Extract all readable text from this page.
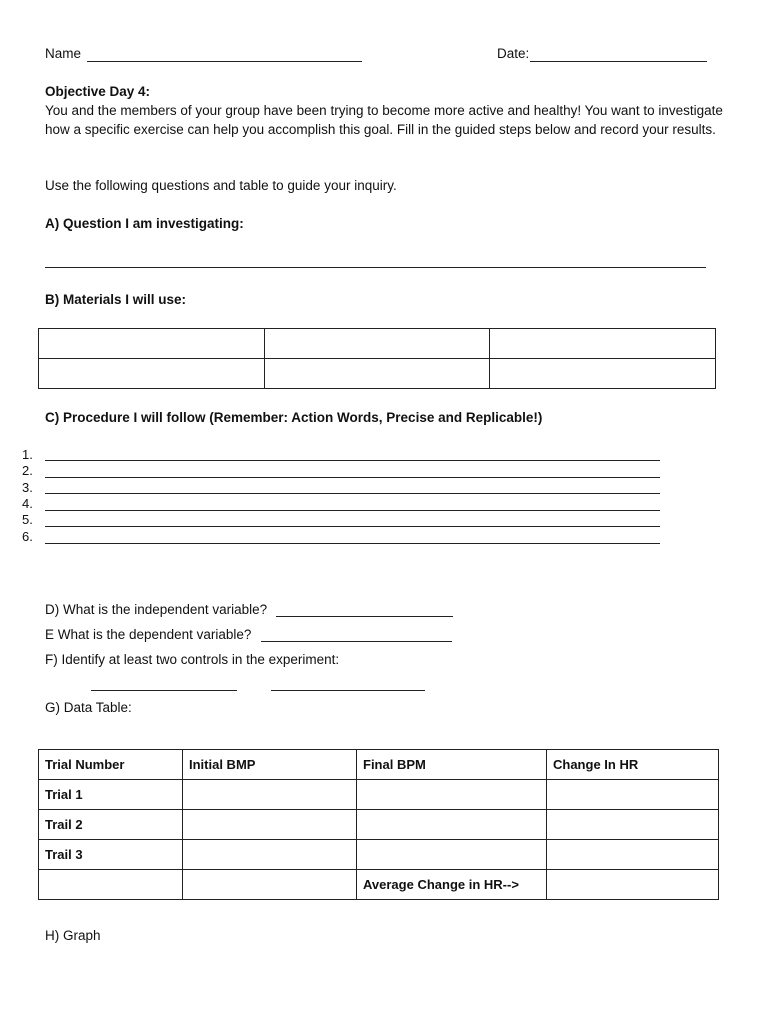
Name	Date:
Objective Day 4:
You and the members of your group have been trying to become more active and healthy! You want to investigate how a specific exercise can help you accomplish this goal. Fill in the guided steps below and record your results.
Use the following questions and table to guide your inquiry.
A) Question I am investigating:
B) Materials I will use:

C) Procedure I will follow (Remember: Action Words, Precise and Replicable!)
1.
2.
3.
4.
5.
6.
D) What is the independent variable?
E What is the dependent variable?
F) Identify at least two controls in the experiment:
G) Data Table:
Trial Number	Initial BMP	Final BPM	Change In HR
Trial 1			
Trail 2			
Trail 3			
		Average Change in HR-->	
H) Graph
